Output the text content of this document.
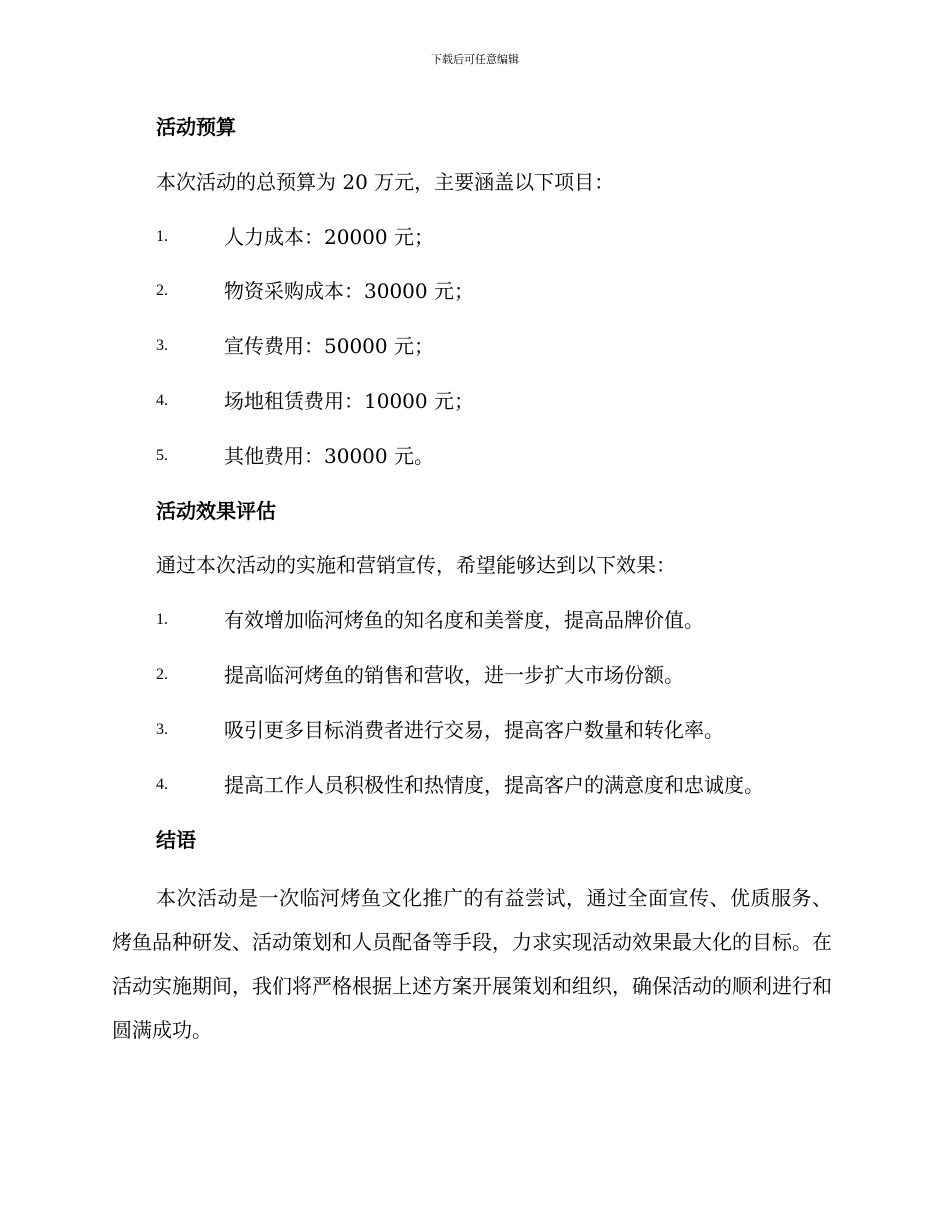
下载后可任意编辑
活动预算

本次活动的总预算为 20 万元，主要涵盖以下项目：

1.	人力成本：20000 元；
2.	物资采购成本：30000 元；
3.	宣传费用：50000 元；
4.	场地租赁费用：10000 元；
5.	其他费用：30000 元。
活动效果评估

通过本次活动的实施和营销宣传，希望能够达到以下效果：

1.	有效增加临河烤鱼的知名度和美誉度，提高品牌价值。
2.	提高临河烤鱼的销售和营收，进一步扩大市场份额。
3.	吸引更多目标消费者进行交易，提高客户数量和转化率。
4.	提高工作人员积极性和热情度，提高客户的满意度和忠诚度。
结语

本次活动是一次临河烤鱼文化推广的有益尝试，通过全面宣传、优质服务、烤鱼品种研发、活动策划和人员配备等手段，力求实现活动效果最大化的目标。在活动实施期间，我们将严格根据上述方案开展策划和组织，确保活动的顺利进行和圆满成功。
